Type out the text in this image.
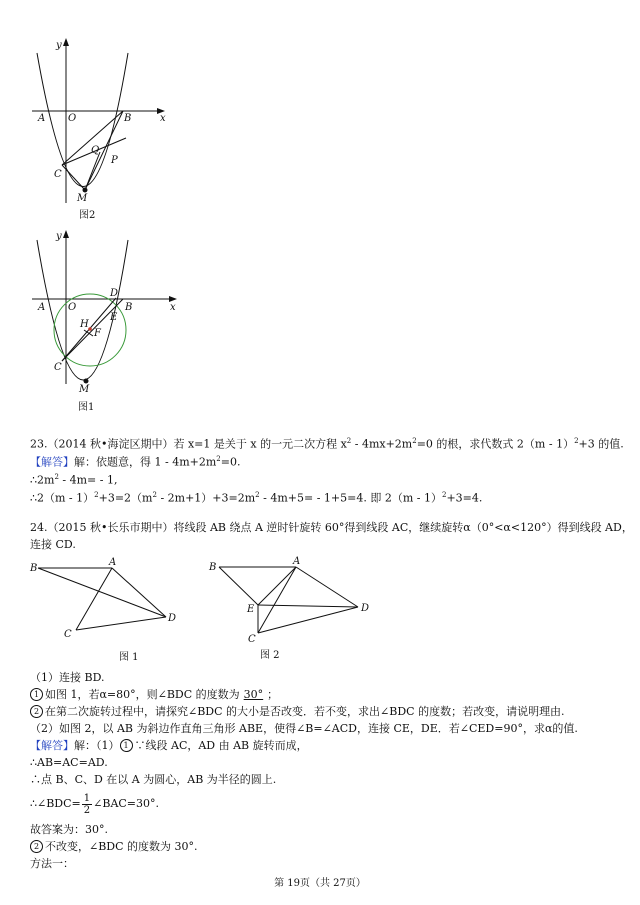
y
x
O
A	B
C
Q
P
M
y
x
O
A
D
B
E
H
F
C
M
B
A
C
D
B
A
E
C
D
图2
图1
图 1	图 2
23.（2014 秋•海淀区期中）若 x=1 是关于 x 的一元二次方程 $x^2 - 4mx+2m^2=0$ 的根，求代数式 2（m - 1）$^2$+3 的值.
【解答】解：依题意，得 $1 - 4m+2m^2=0$.
$\therefore 2m^2 - 4m= - 1$,
∴2（m - $1)^2+3=2(m^2 - 2m+1)+3=2m^2 - 4m+5= - 1+5=4$. 即 2（m - 1）$^2$+3=4.
24.（2015 秋•长乐市期中）将线段 AB 绕点 A 逆时针旋转 60°得到线段 AC，继续旋转α（0°<α<120°）得到线段 AD，
连接 CD.
（1）连接 BD.
1 如图 1，若α=80°，则∠BDC 的度数为 30° ；
2 在第二次旋转过程中，请探究∠BDC 的大小是否改变．若不变，求出∠BDC 的度数；若改变，请说明理由.
（2）如图 2，以 AB 为斜边作直角三角形 ABE，使得∠B=∠ACD，连接 CE，DE．若∠CED=90°，求α的值.
【解答】解：（1） 1 ∵线段 AC，AD 由 AB 旋转而成，
∴AB=AC=AD.
∴点 B、C、D 在以 A 为圆心，AB 为半径的圆上.
∴∠BDC= $\frac{1}{2}$ ∠BAC=30°.
故答案为：30°.
2 不改变，∠BDC 的度数为 30°.
方法一：
第 19页（共 27页）
